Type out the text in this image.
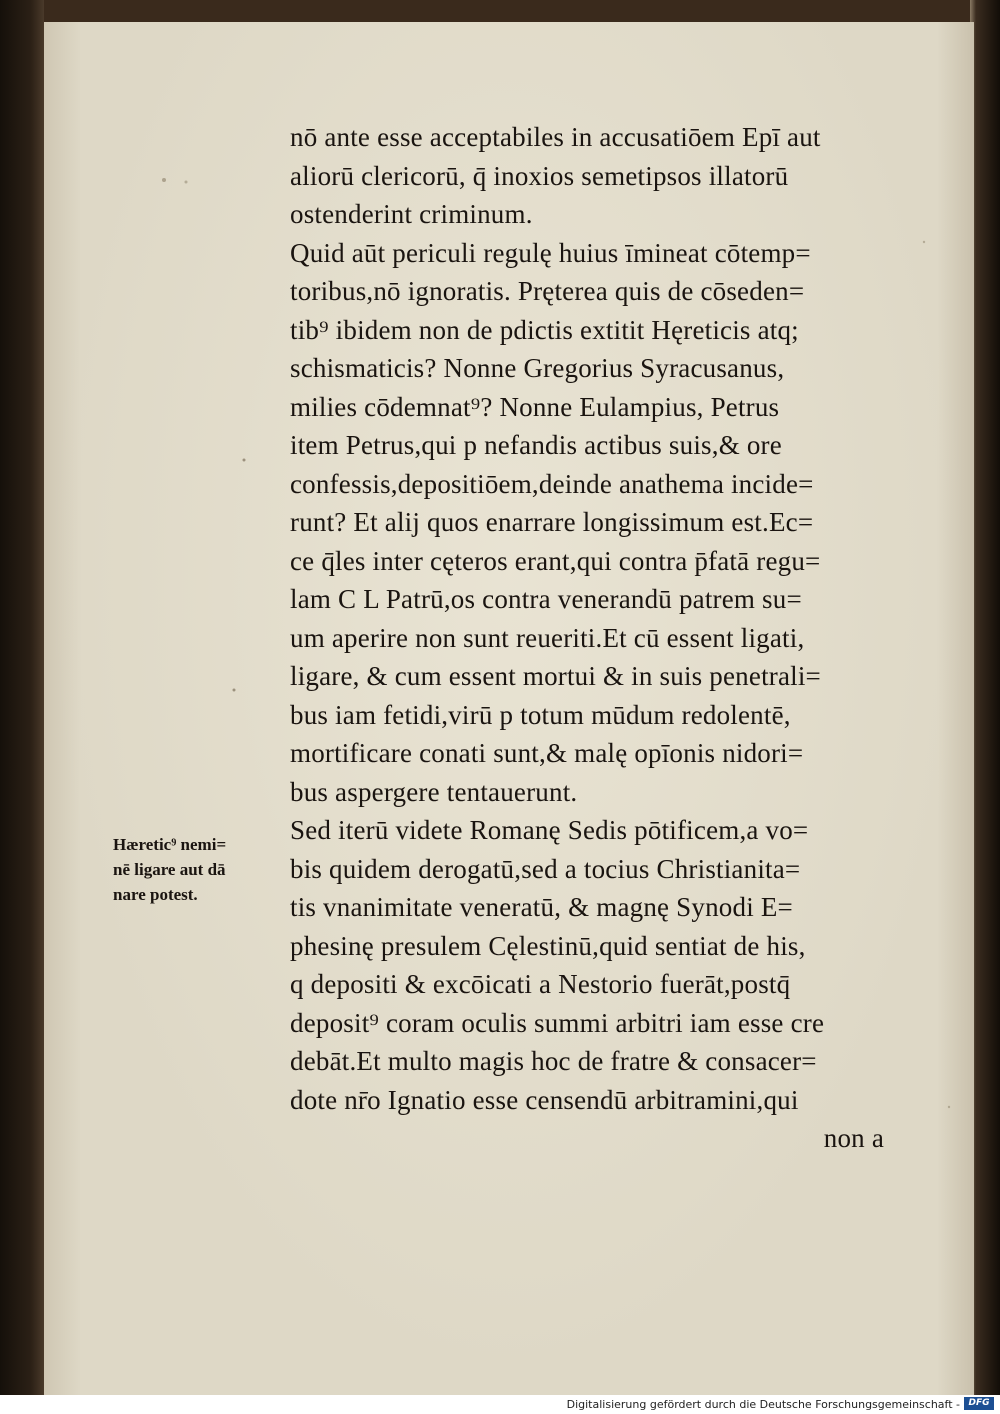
nō ante esse acceptabiles in accusatiōem Epī aut
aliorū clericorū, q̄ inoxios semetipsos illatorū
ostenderint criminum.
Quid aūt periculi regulę huius īmineat cōtemp=
toribus,nō ignoratis. Pręterea quis de cōseden=
tib⁹ ibidem non de pdictis extitit Hęreticis atq;
schismaticis? Nonne Gregorius Syracusanus,
milies cōdemnat⁹? Nonne Eulampius, Petrus
item Petrus,qui p nefandis actibus suis,& ore
confessis,depositiōem,deinde anathema incide=
runt? Et alij quos enarrare longissimum est.Ec=
ce q̄les inter cęteros erant,qui contra p̄fatā regu=
lam C L Patrū,os contra venerandū patrem su=
um aperire non sunt reueriti.Et cū essent ligati,
ligare, & cum essent mortui & in suis penetrali=
bus iam fetidi,virū p totum mūdum redolentē,
mortificare conati sunt,& malę opīonis nidori=
bus aspergere tentauerunt.
Sed iterū videte Romanę Sedis pōtificem,a vo=
bis quidem derogatū,sed a tocius Christianita=
tis vnanimitate veneratū, & magnę Synodi E=
phesinę presulem Cęlestinū,quid sentiat de his,
q depositi & excōicati a Nestorio fuerāt,postq̄
deposit⁹ coram oculis summi arbitri iam esse cre
debāt.Et multo magis hoc de fratre & consacer=
dote nr̄o Ignatio esse censendū arbitramini,qui
non a
Hæretic⁹ nemi=
nē ligare aut dā
nare potest.
Digitalisierung gefördert durch die Deutsche Forschungsgemeinschaft - DFG
